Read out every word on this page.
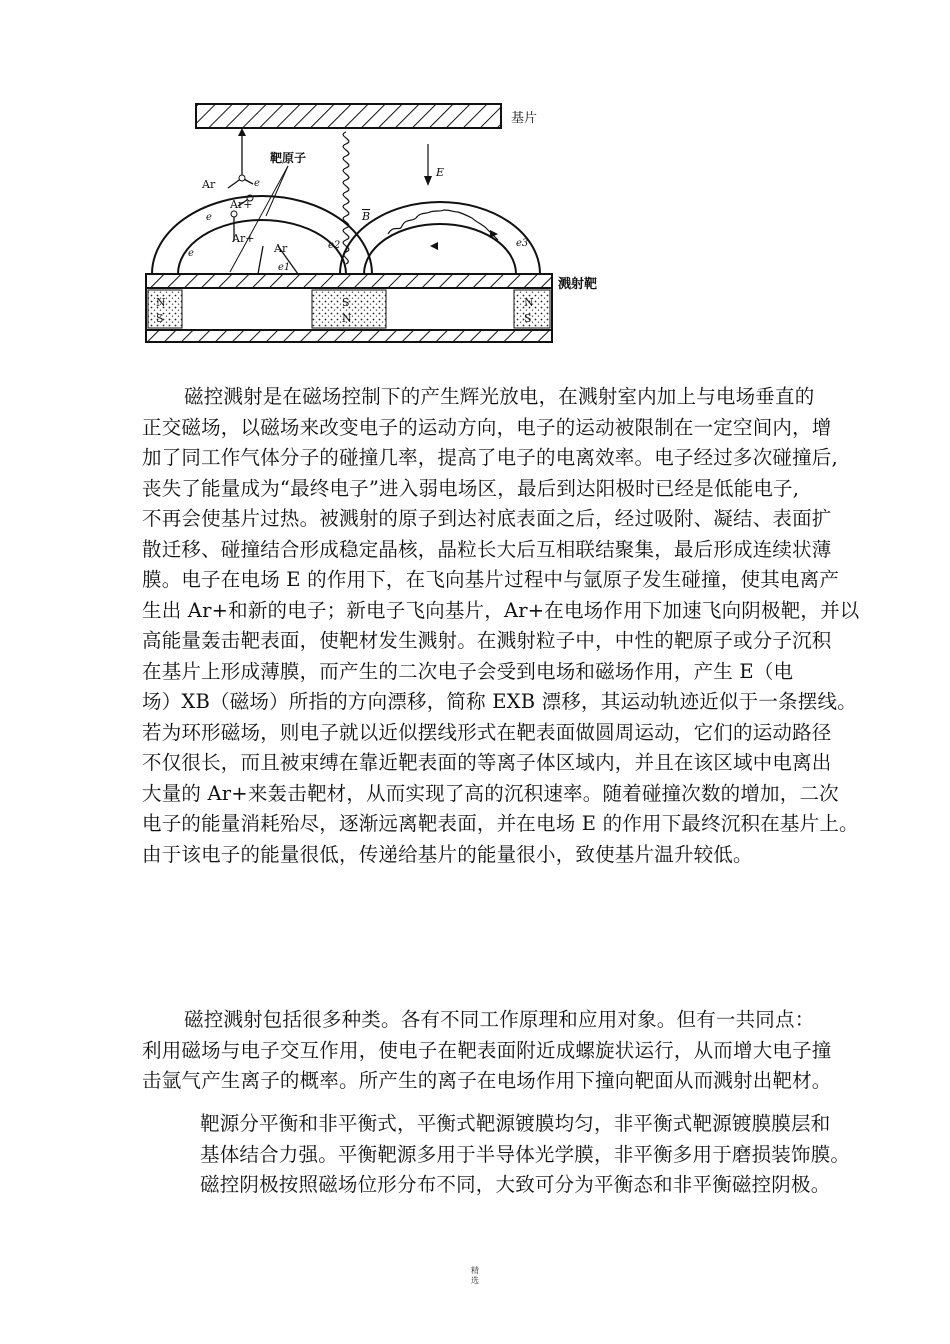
基片
E
靶原子
Ar
Ar+
e
e
Ar+
Ar
e
e1
e2
B
e3
溅射靶
N
S
S
N
N
S
磁控溅射是在磁场控制下的产生辉光放电，在溅射室内加上与电场垂直的
正交磁场，以磁场来改变电子的运动方向，电子的运动被限制在一定空间内，增
加了同工作气体分子的碰撞几率，提高了电子的电离效率。电子经过多次碰撞后,
丧失了能量成为“最终电子”进入弱电场区，最后到达阳极时已经是低能电子,
不再会使基片过热。被溅射的原子到达衬底表面之后，经过吸附、凝结、表面扩
散迁移、碰撞结合形成稳定晶核，晶粒长大后互相联结聚集，最后形成连续状薄
膜。电子在电场 E 的作用下，在飞向基片过程中与氩原子发生碰撞，使其电离产
生出 Ar+和新的电子；新电子飞向基片，Ar+在电场作用下加速飞向阴极靶，并以
高能量轰击靶表面，使靶材发生溅射。在溅射粒子中，中性的靶原子或分子沉积
在基片上形成薄膜，而产生的二次电子会受到电场和磁场作用，产生 E（电
场）XB（磁场）所指的方向漂移，简称 EXB 漂移，其运动轨迹近似于一条摆线。
若为环形磁场，则电子就以近似摆线形式在靶表面做圆周运动，它们的运动路径
不仅很长，而且被束缚在靠近靶表面的等离子体区域内，并且在该区域中电离出
大量的 Ar+来轰击靶材，从而实现了高的沉积速率。随着碰撞次数的增加，二次
电子的能量消耗殆尽，逐渐远离靶表面，并在电场 E 的作用下最终沉积在基片上。
由于该电子的能量很低，传递给基片的能量很小，致使基片温升较低。
磁控溅射包括很多种类。各有不同工作原理和应用对象。但有一共同点：
利用磁场与电子交互作用，使电子在靶表面附近成螺旋状运行，从而增大电子撞
击氩气产生离子的概率。所产生的离子在电场作用下撞向靶面从而溅射出靶材。
靶源分平衡和非平衡式，平衡式靶源镀膜均匀，非平衡式靶源镀膜膜层和
基体结合力强。平衡靶源多用于半导体光学膜，非平衡多用于磨损装饰膜。
磁控阴极按照磁场位形分布不同，大致可分为平衡态和非平衡磁控阴极。
精
选
